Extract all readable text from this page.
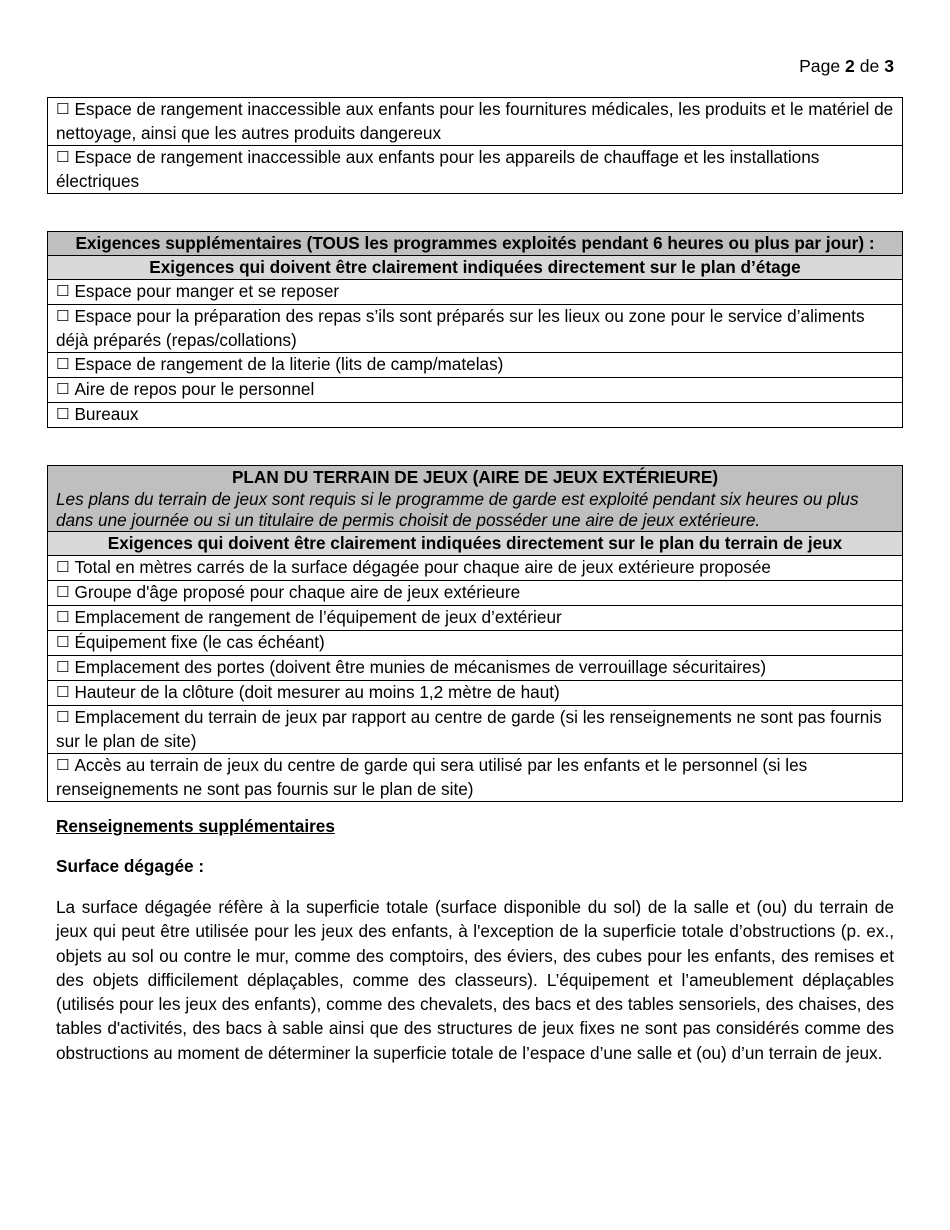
Page 2 de 3
☐ Espace de rangement inaccessible aux enfants pour les fournitures médicales, les produits et le matériel de nettoyage, ainsi que les autres produits dangereux
☐ Espace de rangement inaccessible aux enfants pour les appareils de chauffage et les installations électriques
Exigences supplémentaires (TOUS les programmes exploités pendant 6 heures ou plus par jour) :
Exigences qui doivent être clairement indiquées directement sur le plan d’étage
☐ Espace pour manger et se reposer
☐ Espace pour la préparation des repas s’ils sont préparés sur les lieux ou zone pour le service d’aliments déjà préparés (repas/collations)
☐ Espace de rangement de la literie (lits de camp/matelas)
☐ Aire de repos pour le personnel
☐ Bureaux
PLAN DU TERRAIN DE JEUX (AIRE DE JEUX EXTÉRIEURE)
Les plans du terrain de jeux sont requis si le programme de garde est exploité pendant six heures ou plus dans une journée ou si un titulaire de permis choisit de posséder une aire de jeux extérieure.

Exigences qui doivent être clairement indiquées directement sur le plan du terrain de jeux
☐ Total en mètres carrés de la surface dégagée pour chaque aire de jeux extérieure proposée
☐ Groupe d'âge proposé pour chaque aire de jeux extérieure
☐ Emplacement de rangement de l’équipement de jeux d’extérieur
☐ Équipement fixe (le cas échéant)
☐ Emplacement des portes (doivent être munies de mécanismes de verrouillage sécuritaires)
☐ Hauteur de la clôture (doit mesurer au moins 1,2 mètre de haut)
☐ Emplacement du terrain de jeux par rapport au centre de garde (si les renseignements ne sont pas fournis sur le plan de site)
☐ Accès au terrain de jeux du centre de garde qui sera utilisé par les enfants et le personnel (si les renseignements ne sont pas fournis sur le plan de site)
Renseignements supplémentaires
Surface dégagée :
La surface dégagée réfère à la superficie totale (surface disponible du sol) de la salle et (ou) du terrain de jeux qui peut être utilisée pour les jeux des enfants, à l'exception de la superficie totale d’obstructions (p. ex., objets au sol ou contre le mur, comme des comptoirs, des éviers, des cubes pour les enfants, des remises et des objets difficilement déplaçables, comme des classeurs). L’équipement et l’ameublement déplaçables (utilisés pour les jeux des enfants), comme des chevalets, des bacs et des tables sensoriels, des chaises, des tables d'activités, des bacs à sable ainsi que des structures de jeux fixes ne sont pas considérés comme des obstructions au moment de déterminer la superficie totale de l’espace d’une salle et (ou) d’un terrain de jeux.
